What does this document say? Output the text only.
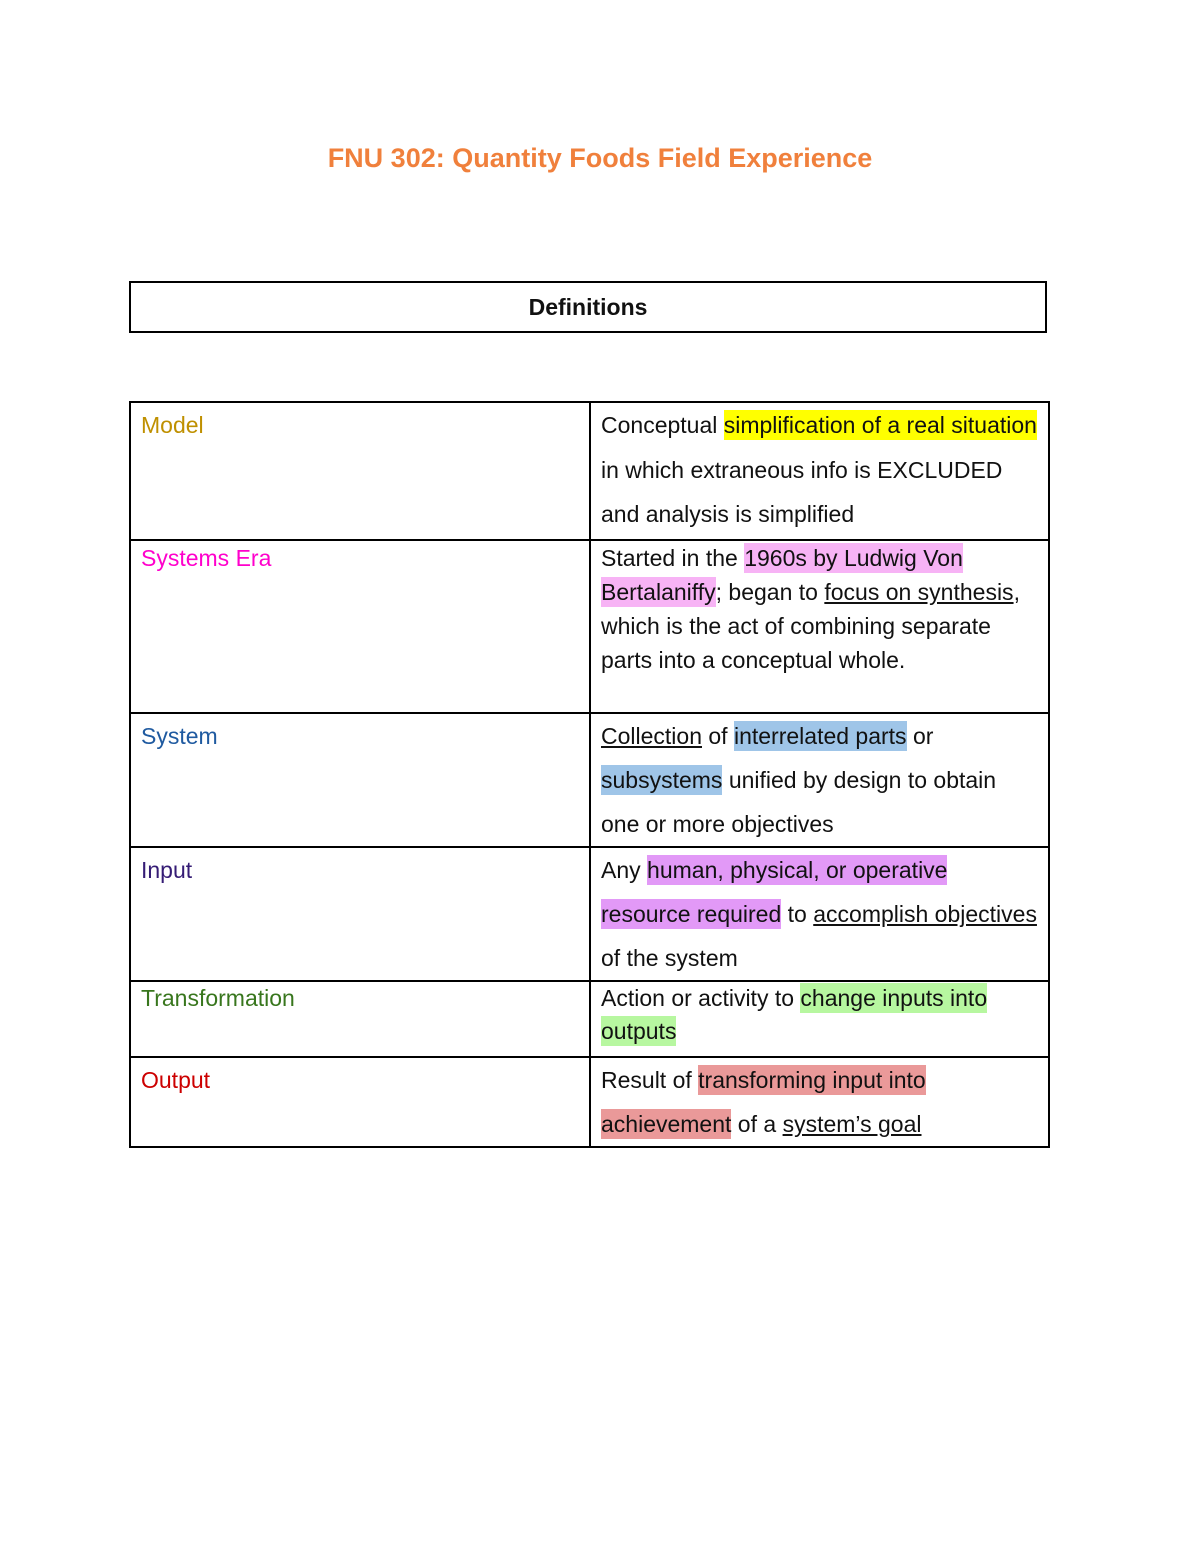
FNU 302: Quantity Foods Field Experience
Definitions
Model	Conceptual simplification of a real situation in which extraneous info is EXCLUDED and analysis is simplified
Systems Era	Started in the 1960s by Ludwig Von Bertalaniffy; began to focus on synthesis, which is the act of combining separate parts into a conceptual whole.
System	Collection of interrelated parts or subsystems unified by design to obtain one or more objectives
Input	Any human, physical, or operative resource required to accomplish objectives of the system
Transformation	Action or activity to change inputs into outputs
Output	Result of transforming input into achievement of a system’s goal
